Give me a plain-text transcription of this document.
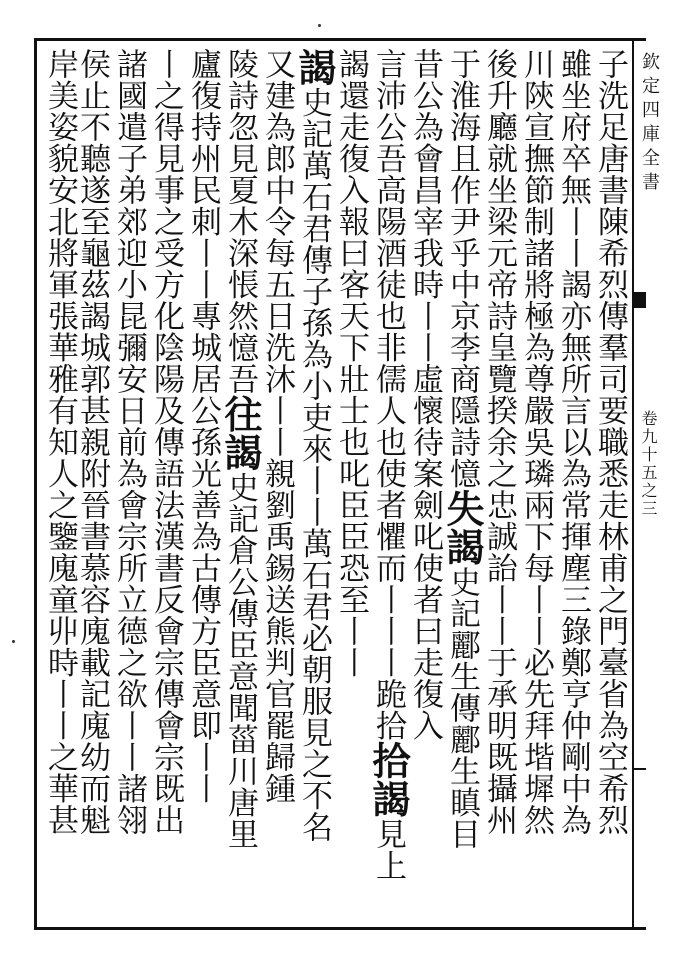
欽定四庫全書
卷九十五之三
子洗足唐書陳希烈傳羣司要職悉走林甫之門臺省為空希烈
雖坐府卒無丨丨謁亦無所言以為常揮塵三錄鄭亨仲剛中為
川陝宣撫節制諸將極為尊嚴吳璘兩下每丨丨必先拜堦墀然
後升廳就坐梁元帝詩皇覽揆余之忠誠詒丨丨于承明既攝州
于淮海且作尹乎中京李商隱詩憶失謁史記酈生傳酈生瞋目
昔公為會昌宰我時丨丨虛懷待案劍叱使者曰走復入
言沛公吾高陽酒徒也非儒人也使者懼而丨丨丨跪拾拾謁見上
謁還走復入報曰客天下壯士也叱臣臣恐至丨丨
謁史記萬石君傳子孫為小吏來丨丨萬石君必朝服見之不名
又建為郎中令每五日洗沐丨丨親劉禹錫送熊判官罷歸鍾
陵詩忽見夏木深悵然憶吾往謁史記倉公傳臣意聞菑川唐里
廬復持州民刺丨丨專城居公孫光善為古傳方臣意即丨丨
丨之得見事之受方化陰陽及傳語法漢書反會宗傳會宗既出
諸國遣子弟郊迎小昆彌安日前為會宗所立德之欲丨丨諸翎
侯止不聽遂至龜茲謁城郭甚親附晉書慕容廆載記廆幼而魁
岸美姿貌安北將軍張華雅有知人之鑒廆童丱時丨丨之華甚
